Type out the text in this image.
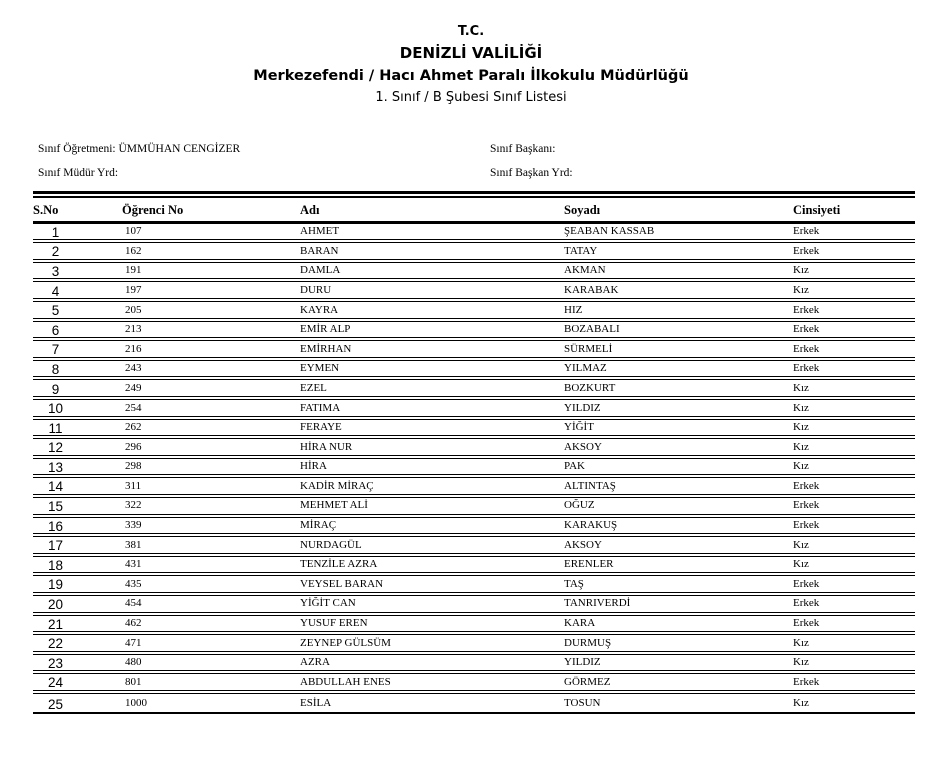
T.C.
DENİZLİ VALİLİĞİ
Merkezefendi / Hacı Ahmet Paralı İlkokulu Müdürlüğü
1. Sınıf / B Şubesi Sınıf Listesi
Sınıf Öğretmeni: ÜMMÜHAN CENGİZER	Sınıf Başkanı:
Sınıf Müdür Yrd:	Sınıf Başkan Yrd:
S.No	Öğrenci No	Adı	Soyadı	Cinsiyeti
1	107	AHMET	ŞEABAN KASSAB	Erkek
2	162	BARAN	TATAY	Erkek
3	191	DAMLA	AKMAN	Kız
4	197	DURU	KARABAK	Kız
5	205	KAYRA	HIZ	Erkek
6	213	EMİR ALP	BOZABALI	Erkek
7	216	EMİRHAN	SÜRMELİ	Erkek
8	243	EYMEN	YILMAZ	Erkek
9	249	EZEL	BOZKURT	Kız
10	254	FATIMA	YILDIZ	Kız
11	262	FERAYE	YİĞİT	Kız
12	296	HİRA NUR	AKSOY	Kız
13	298	HİRA	PAK	Kız
14	311	KADİR MİRAÇ	ALTINTAŞ	Erkek
15	322	MEHMET ALİ	OĞUZ	Erkek
16	339	MİRAÇ	KARAKUŞ	Erkek
17	381	NURDAGÜL	AKSOY	Kız
18	431	TENZİLE AZRA	ERENLER	Kız
19	435	VEYSEL BARAN	TAŞ	Erkek
20	454	YİĞİT CAN	TANRIVERDİ	Erkek
21	462	YUSUF EREN	KARA	Erkek
22	471	ZEYNEP GÜLSÜM	DURMUŞ	Kız
23	480	AZRA	YILDIZ	Kız
24	801	ABDULLAH ENES	GÖRMEZ	Erkek
25	1000	ESİLA	TOSUN	Kız
